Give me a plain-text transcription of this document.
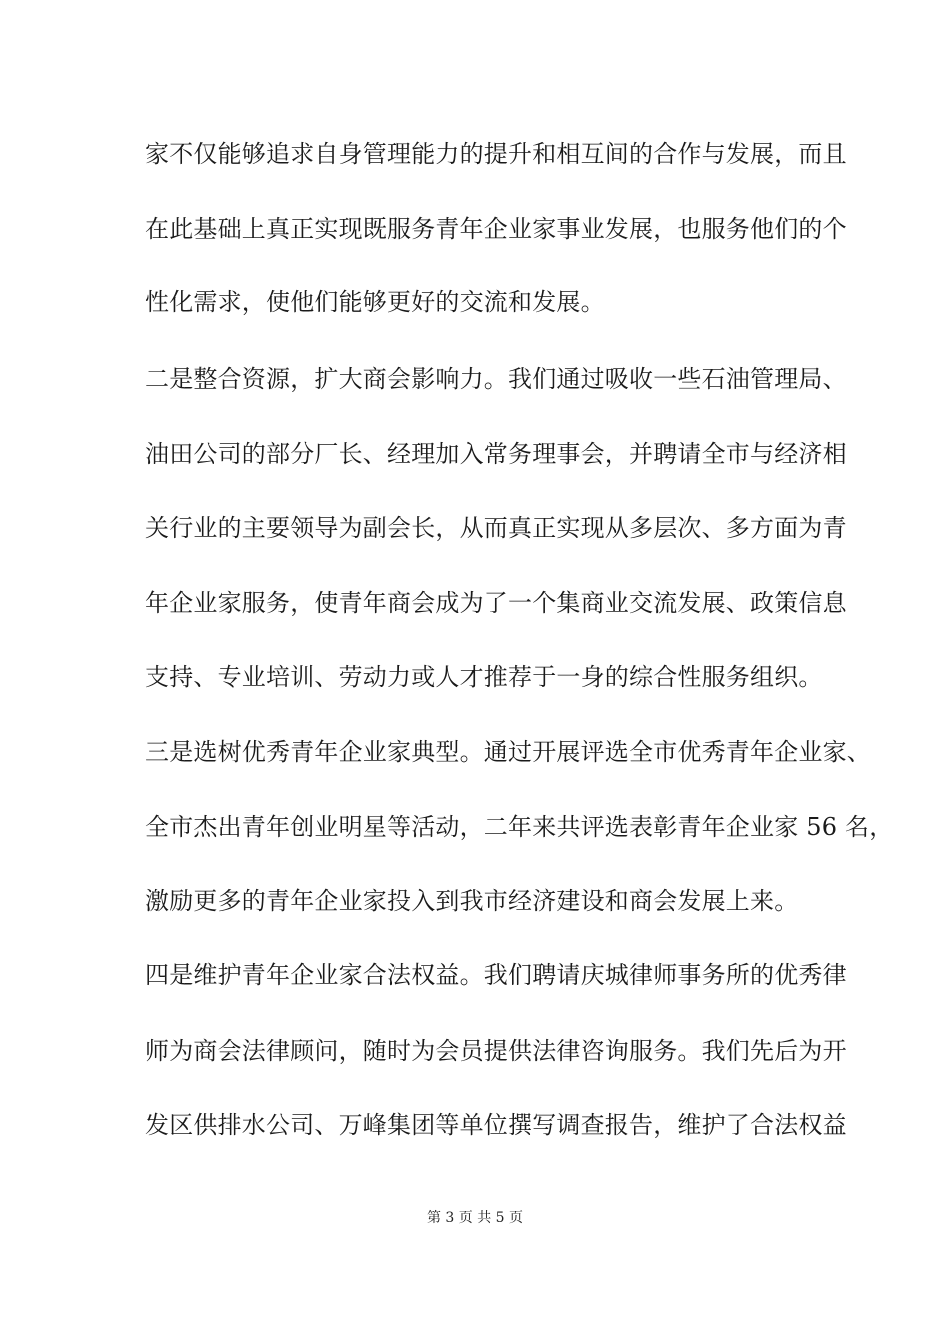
家不仅能够追求自身管理能力的提升和相互间的合作与发展，而且
在此基础上真正实现既服务青年企业家事业发展，也服务他们的个
性化需求，使他们能够更好的交流和发展。
二是整合资源，扩大商会影响力。我们通过吸收一些石油管理局、
油田公司的部分厂长、经理加入常务理事会，并聘请全市与经济相
关行业的主要领导为副会长，从而真正实现从多层次、多方面为青
年企业家服务，使青年商会成为了一个集商业交流发展、政策信息
支持、专业培训、劳动力或人才推荐于一身的综合性服务组织。
三是选树优秀青年企业家典型。通过开展评选全市优秀青年企业家、
全市杰出青年创业明星等活动，二年来共评选表彰青年企业家 56 名，
激励更多的青年企业家投入到我市经济建设和商会发展上来。
四是维护青年企业家合法权益。我们聘请庆城律师事务所的优秀律
师为商会法律顾问，随时为会员提供法律咨询服务。我们先后为开
发区供排水公司、万峰集团等单位撰写调查报告，维护了合法权益
第 3 页 共 5 页
